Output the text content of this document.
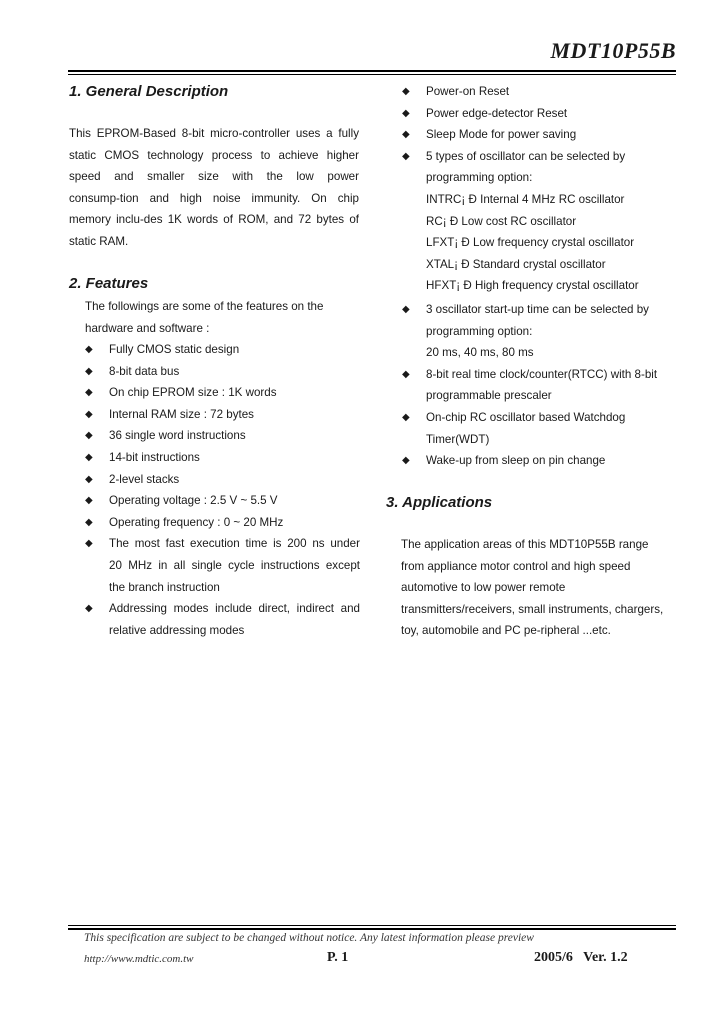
MDT10P55B
1. General Description
This EPROM-Based 8-bit micro-controller uses a fully
static CMOS technology process to achieve higher
speed and smaller size with the low power
consump-tion and high noise immunity. On chip
memory inclu-des 1K words of ROM, and 72 bytes of
static RAM.
2. Features
The followings are some of the features on the
hardware and software :
◆	Fully CMOS static design
◆	8-bit data bus
◆	On chip EPROM size : 1K words
◆	Internal RAM size : 72 bytes
◆	36 single word instructions
◆	14-bit instructions
◆	2-level stacks
◆	Operating voltage : 2.5 V ~ 5.5 V
◆	Operating frequency : 0 ~ 20 MHz
◆	The most fast execution time is 200 ns under
20 MHz in all single cycle instructions except
the branch instruction
◆	Addressing modes include direct, indirect and
relative addressing modes
◆	Power-on Reset
◆	Power edge-detector Reset
◆	Sleep Mode for power saving
◆	5 types of oscillator can be selected by
programming option:
INTRC¡ Ð Internal 4 MHz RC oscillator
RC¡ Ð Low cost RC oscillator
LFXT¡ Ð Low frequency crystal oscillator
XTAL¡ Ð Standard crystal oscillator
HFXT¡ Ð High frequency crystal oscillator
◆	3 oscillator start-up time can be selected by
programming option:
20 ms, 40 ms, 80 ms
◆	8-bit real time clock/counter(RTCC) with 8-bit
programmable prescaler
◆	On-chip RC oscillator based Watchdog
Timer(WDT)
◆	Wake-up from sleep on pin change
3. Applications
The application areas of this MDT10P55B range
from appliance motor control and high speed
automotive to low power remote
transmitters/receivers, small instruments, chargers,
toy, automobile and PC pe-ripheral ...etc.
This specification are subject to be changed without notice. Any latest information please preview
http://www.mdtic.com.tw	P. 1	2005/6   Ver. 1.2
